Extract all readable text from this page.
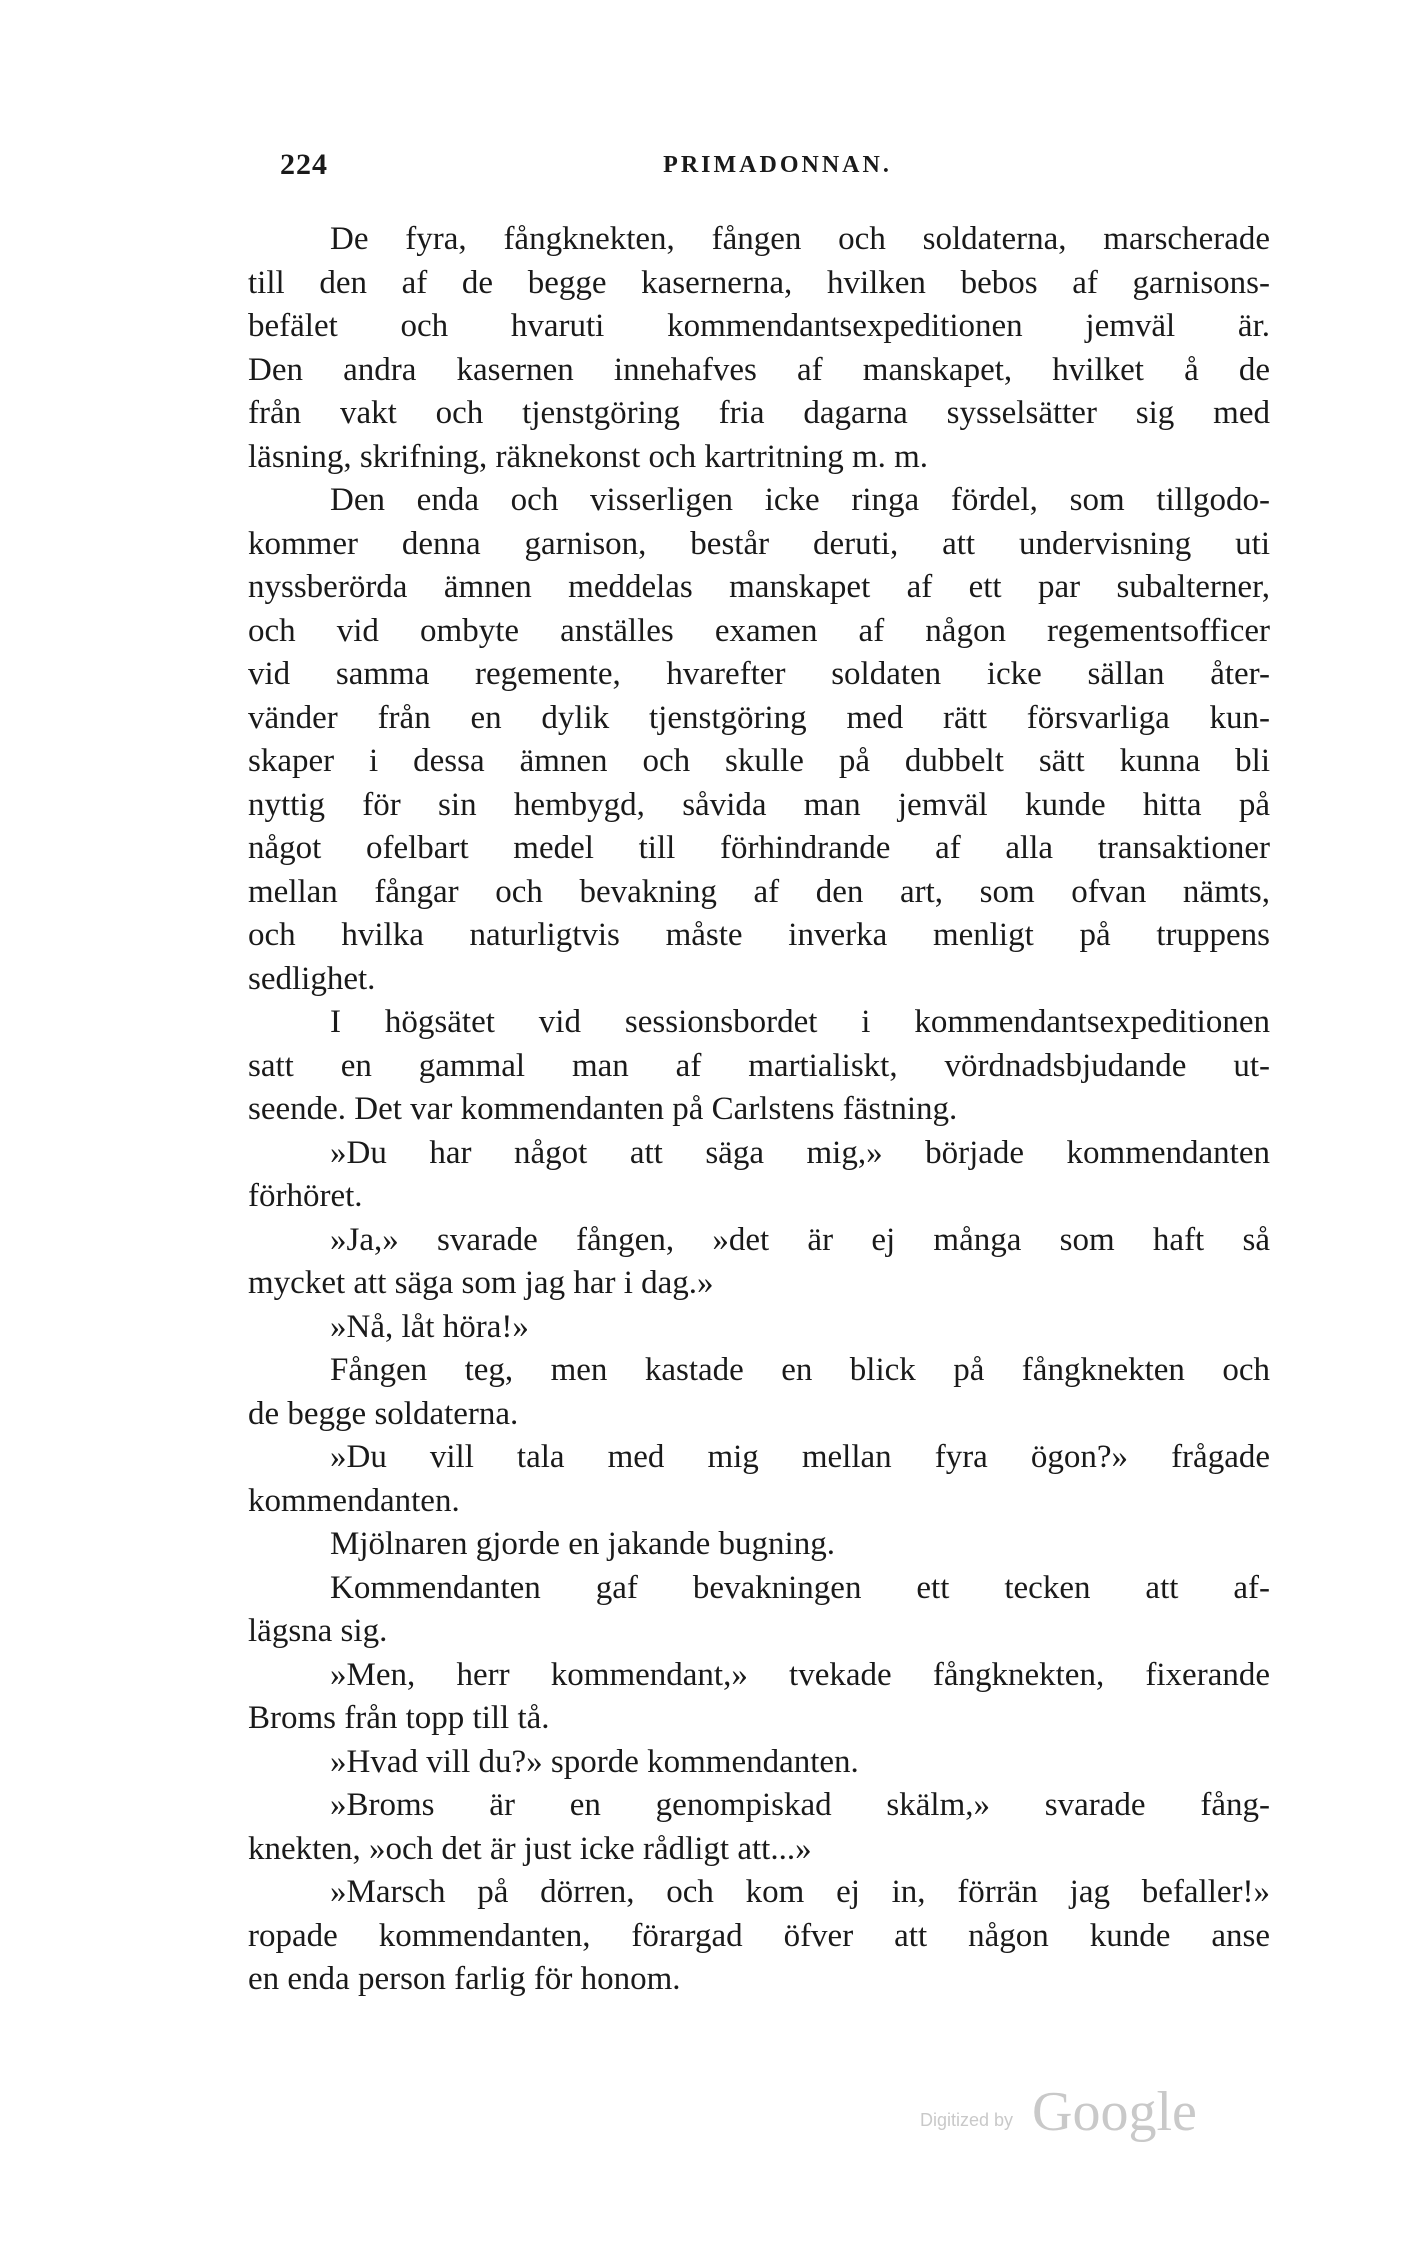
224	PRIMADONNAN.
De fyra, fångknekten, fången och soldaterna, marscherade
till den af de begge kasernerna, hvilken bebos af garnisons-
befälet och hvaruti kommendantsexpeditionen jemväl är.
Den andra kasernen innehafves af manskapet, hvilket å de
från vakt och tjenstgöring fria dagarna sysselsätter sig med
läsning, skrifning, räknekonst och kartritning m. m.
Den enda och visserligen icke ringa fördel, som tillgodo-
kommer denna garnison, består deruti, att undervisning uti
nyssberörda ämnen meddelas manskapet af ett par subalterner,
och vid ombyte anställes examen af någon regementsofficer
vid samma regemente, hvarefter soldaten icke sällan åter-
vänder från en dylik tjenstgöring med rätt försvarliga kun-
skaper i dessa ämnen och skulle på dubbelt sätt kunna bli
nyttig för sin hembygd, såvida man jemväl kunde hitta på
något ofelbart medel till förhindrande af alla transaktioner
mellan fångar och bevakning af den art, som ofvan nämts,
och hvilka naturligtvis måste inverka menligt på truppens
sedlighet.
I högsätet vid sessionsbordet i kommendantsexpeditionen
satt en gammal man af martialiskt, vördnadsbjudande ut-
seende. Det var kommendanten på Carlstens fästning.
»Du har något att säga mig,» började kommendanten
förhöret.
»Ja,» svarade fången, »det är ej många som haft så
mycket att säga som jag har i dag.»
»Nå, låt höra!»
Fången teg, men kastade en blick på fångknekten och
de begge soldaterna.
»Du vill tala med mig mellan fyra ögon?» frågade
kommendanten.
Mjölnaren gjorde en jakande bugning.
Kommendanten gaf bevakningen ett tecken att af-
lägsna sig.
»Men, herr kommendant,» tvekade fångknekten, fixerande
Broms från topp till tå.
»Hvad vill du?» sporde kommendanten.
»Broms är en genompiskad skälm,» svarade fång-
knekten, »och det är just icke rådligt att...»
»Marsch på dörren, och kom ej in, förrän jag befaller!»
ropade kommendanten, förargad öfver att någon kunde anse
en enda person farlig för honom.
Digitized by Google
